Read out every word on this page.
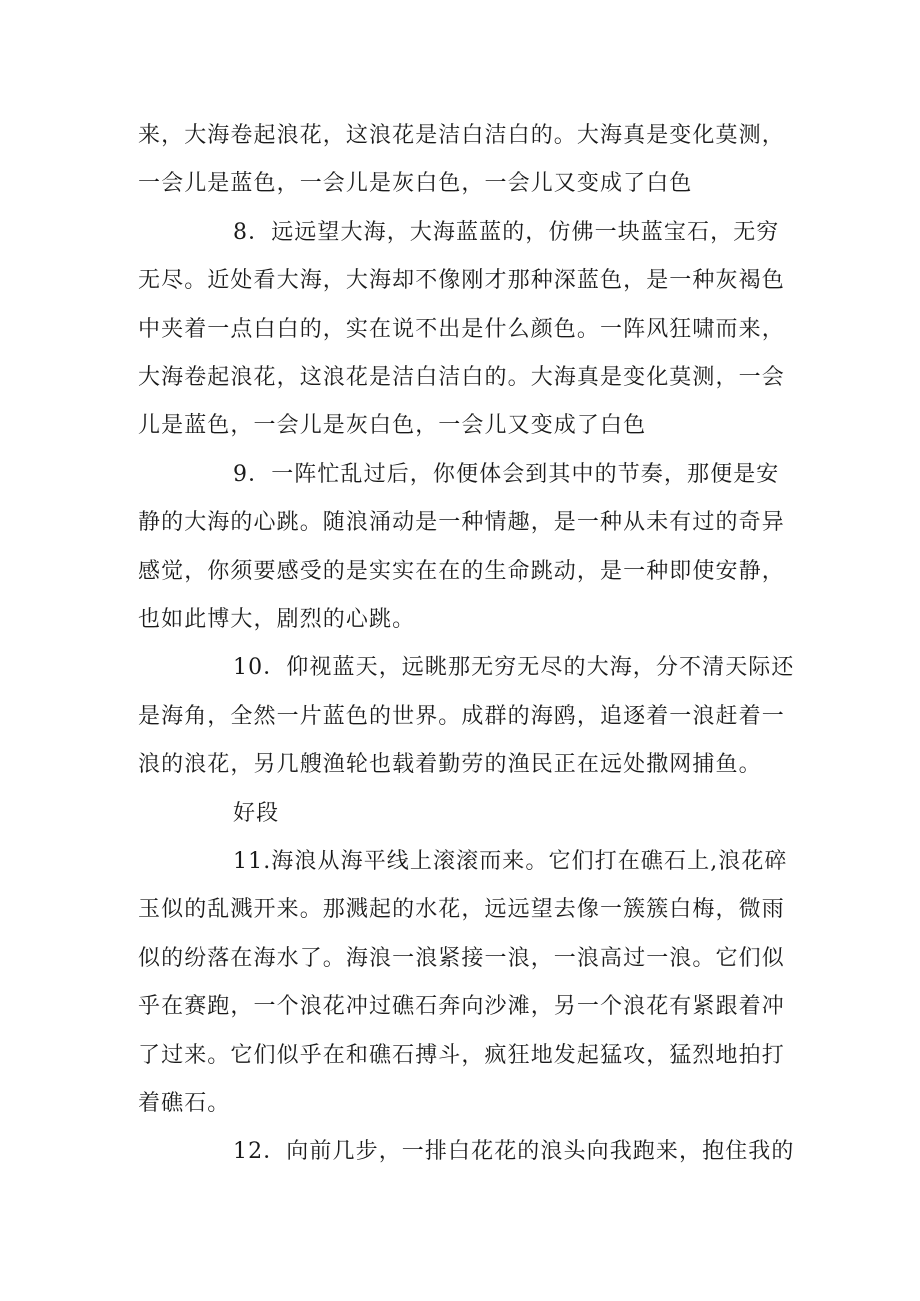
来，大海卷起浪花，这浪花是洁白洁白的。大海真是变化莫测，
一会儿是蓝色，一会儿是灰白色，一会儿又变成了白色
8．远远望大海，大海蓝蓝的，仿佛一块蓝宝石，无穷
无尽。近处看大海，大海却不像刚才那种深蓝色，是一种灰褐色
中夹着一点白白的，实在说不出是什么颜色。一阵风狂啸而来，
大海卷起浪花，这浪花是洁白洁白的。大海真是变化莫测，一会
儿是蓝色，一会儿是灰白色，一会儿又变成了白色
9．一阵忙乱过后，你便体会到其中的节奏，那便是安
静的大海的心跳。随浪涌动是一种情趣，是一种从未有过的奇异
感觉，你须要感受的是实实在在的生命跳动，是一种即使安静，
也如此博大，剧烈的心跳。
10．仰视蓝天，远眺那无穷无尽的大海，分不清天际还
是海角，全然一片蓝色的世界。成群的海鸥，追逐着一浪赶着一
浪的浪花，另几艘渔轮也载着勤劳的渔民正在远处撒网捕鱼。
好段
11.海浪从海平线上滚滚而来。它们打在礁石上,浪花碎
玉似的乱溅开来。那溅起的水花，远远望去像一簇簇白梅，微雨
似的纷落在海水了。海浪一浪紧接一浪，一浪高过一浪。它们似
乎在赛跑，一个浪花冲过礁石奔向沙滩，另一个浪花有紧跟着冲
了过来。它们似乎在和礁石搏斗，疯狂地发起猛攻，猛烈地拍打
着礁石。
12．向前几步，一排白花花的浪头向我跑来，抱住我的
